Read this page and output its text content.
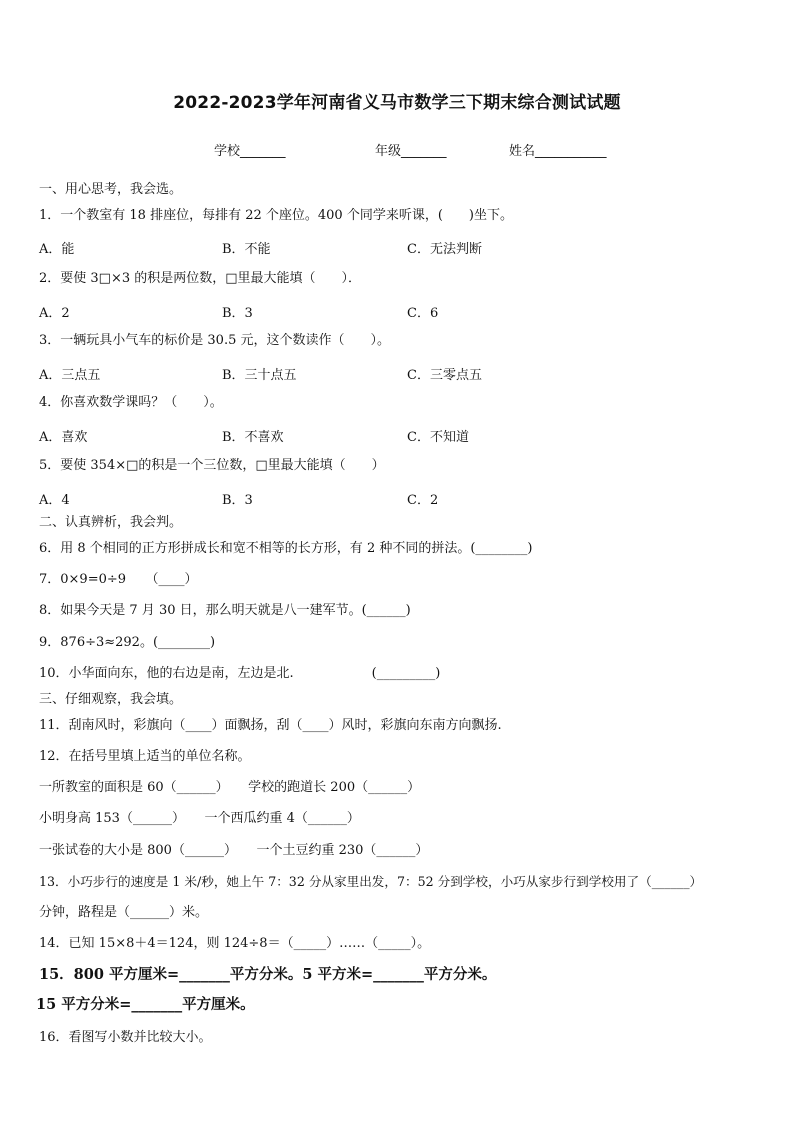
2022-2023学年河南省义马市数学三下期末综合测试试题
学校_______	年级_______	姓名___________
一、用心思考，我会选。
1．一个教室有 18 排座位，每排有 22 个座位。400 个同学来听课，(　　)坐下。
A．能	B．不能	C．无法判断
2．要使 3□×3 的积是两位数，□里最大能填（　　）．
A．2	B．3	C．6
3．一辆玩具小气车的标价是 30.5 元，这个数读作（　　）。
A．三点五	B．三十点五	C．三零点五
4．你喜欢数学课吗？（　　）。
A．喜欢	B．不喜欢	C．不知道
5．要使 354×□的积是一个三位数，□里最大能填（　　）
A．4	B．3	C．2
二、认真辨析，我会判。
6．用 8 个相同的正方形拼成长和宽不相等的长方形，有 2 种不同的拼法。(________)
7．0×9=0÷9　　（____）
8．如果今天是 7 月 30 日，那么明天就是八一建军节。(______)
9．876÷3≈292。(________)
10．小华面向东，他的右边是南，左边是北.　　　　　　(_________)
三、仔细观察，我会填。
11．刮南风时，彩旗向（____）面飘扬，刮（____）风时，彩旗向东南方向飘扬.
12．在括号里填上适当的单位名称。
一所教室的面积是 60（______）　　学校的跑道长 200（______）
小明身高 153（______）　　一个西瓜约重 4（______）
一张试卷的大小是 800（______）　　一个土豆约重 230（______）
13．小巧步行的速度是 1 米/秒，她上午 7：32 分从家里出发，7：52 分到学校，小巧从家步行到学校用了（______）
分钟，路程是（______）米。
14．已知 15×8＋4＝124，则 124÷8＝（_____）……（_____）。
15．800 平方厘米=_______平方分米。5 平方米=_______平方分米。
15 平方分米=_______平方厘米。
16．看图写小数并比较大小。
